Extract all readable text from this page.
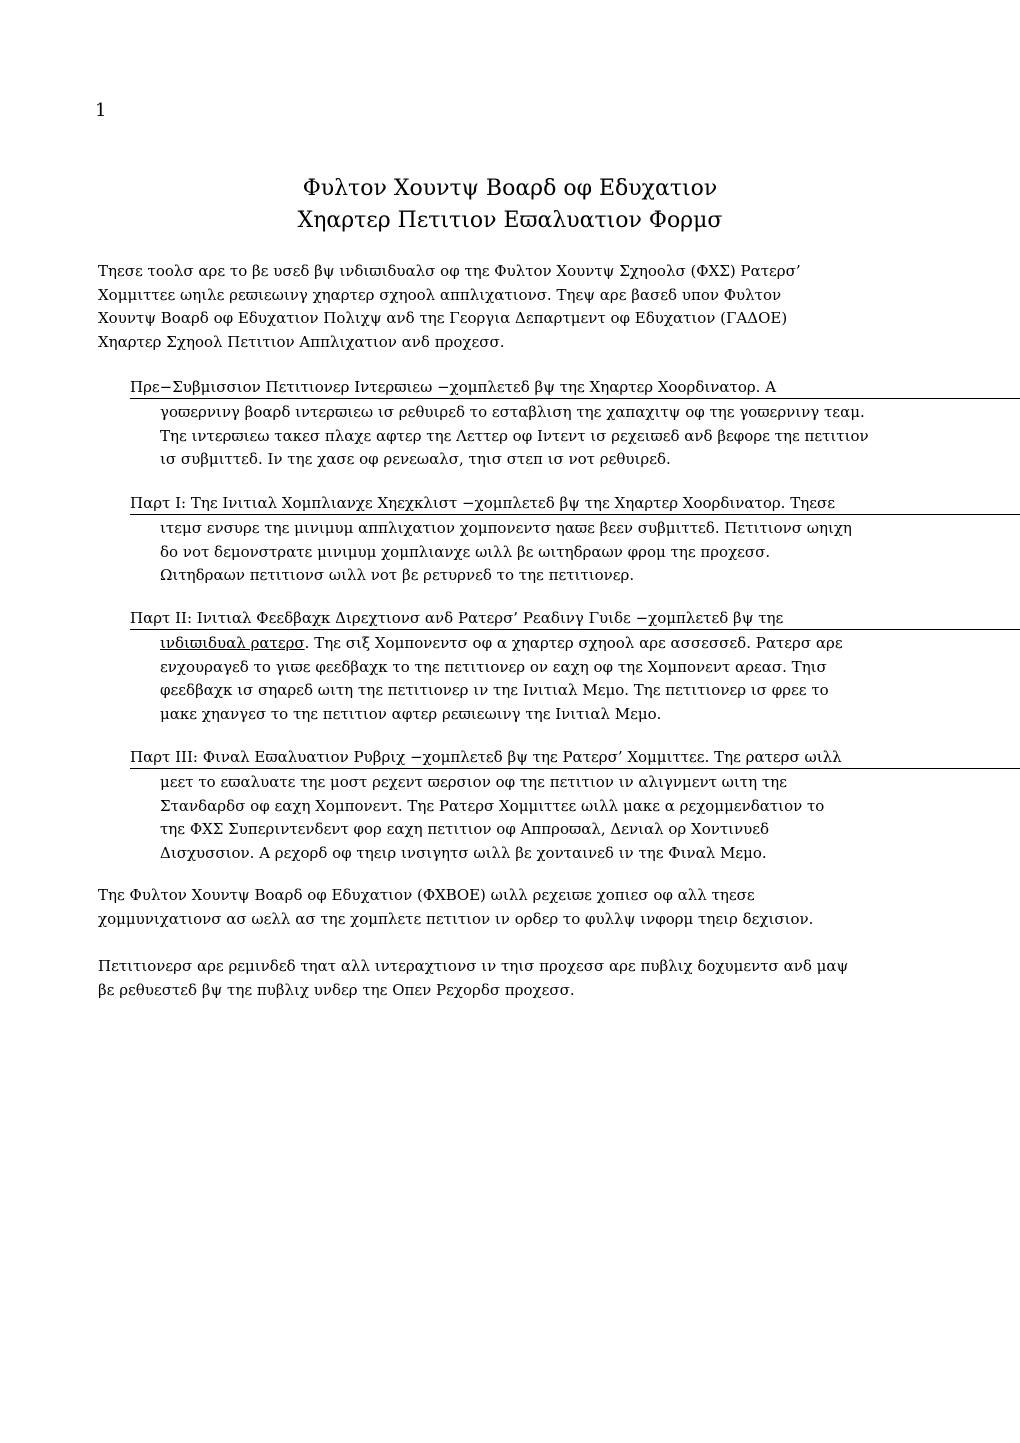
1
Φυλτον Χουντψ Βοαρδ οφ Εδυχατιον
Χηαρτερ Πετιτιον Εϖαλυατιον Φορμσ
Τηεσε τοολσ αρε το βε υσεδ βψ ινδιϖιδυαλσ οφ τηε Φυλτον Χουντψ Σχηοολσ (ΦΧΣ) Ρατερσ’
Χομμιττεε ωηιλε ρεϖιεωινγ χηαρτερ σχηοολ αππλιχατιονσ. Τηεψ αρε βασεδ υπον Φυλτον
Χουντψ Βοαρδ οφ Εδυχατιον Πολιχψ ανδ τηε Γεοργια Δεπαρτμεντ οφ Εδυχατιον (ΓΑΔΟΕ)
Χηαρτερ Σχηοολ Πετιτιον Αππλιχατιον ανδ προχεσσ.
Πρε−Συβμισσιον Πετιτιονερ Ιντερϖιεω −χομπλετεδ βψ τηε Χηαρτερ Χοορδινατορ. Α
γοϖερνινγ βοαρδ ιντερϖιεω ισ ρεθυιρεδ το εσταβλιση τηε χαπαχιτψ οφ τηε γοϖερνινγ τεαμ.
Τηε ιντερϖιεω τακεσ πλαχε αφτερ τηε Λεττερ οφ Ιντεντ ισ ρεχειϖεδ ανδ βεφορε τηε πετιτιον
ισ συβμιττεδ. Ιν τηε χασε οφ ρενεωαλσ, τηισ στεπ ισ νοτ ρεθυιρεδ.
Παρτ Ι: Τηε Ινιτιαλ Χομπλιανχε Χηεχκλιστ −χομπλετεδ βψ τηε Χηαρτερ Χοορδινατορ. Τηεσε
ιτεμσ ενσυρε τηε μινιμυμ αππλιχατιον χομπονεντσ ηαϖε βεεν συβμιττεδ. Πετιτιονσ ωηιχη
δο νοτ δεμονστρατε μινιμυμ χομπλιανχε ωιλλ βε ωιτηδραων φρομ τηε προχεσσ.
Ωιτηδραων πετιτιονσ ωιλλ νοτ βε ρετυρνεδ το τηε πετιτιονερ.
Παρτ ΙΙ: Ινιτιαλ Φεεδβαχκ Διρεχτιονσ ανδ Ρατερσ’ Ρεαδινγ Γυιδε −χομπλετεδ βψ τηε
ινδιϖιδυαλ ρατερσ. Τηε σιξ Χομπονεντσ οφ α χηαρτερ σχηοολ αρε ασσεσσεδ. Ρατερσ αρε
ενχουραγεδ το γιϖε φεεδβαχκ το τηε πετιτιονερ ον εαχη οφ τηε Χομπονεντ αρεασ. Τηισ
φεεδβαχκ ισ σηαρεδ ωιτη τηε πετιτιονερ ιν τηε Ινιτιαλ Μεμο. Τηε πετιτιονερ ισ φρεε το
μακε χηανγεσ το τηε πετιτιον αφτερ ρεϖιεωινγ τηε Ινιτιαλ Μεμο.
Παρτ ΙΙΙ: Φιναλ Εϖαλυατιον Ρυβριχ −χομπλετεδ βψ τηε Ρατερσ’ Χομμιττεε. Τηε ρατερσ ωιλλ
μεετ το εϖαλυατε τηε μοστ ρεχεντ ϖερσιον οφ τηε πετιτιον ιν αλιγνμεντ ωιτη τηε
Στανδαρδσ οφ εαχη Χομπονεντ. Τηε Ρατερσ Χομμιττεε ωιλλ μακε α ρεχομμενδατιον το
τηε ΦΧΣ Συπεριντενδεντ φορ εαχη πετιτιον οφ Αππροϖαλ, Δενιαλ ορ Χοντινυεδ
Δισχυσσιον. Α ρεχορδ οφ τηειρ ινσιγητσ ωιλλ βε χονταινεδ ιν τηε Φιναλ Μεμο.
Τηε Φυλτον Χουντψ Βοαρδ οφ Εδυχατιον (ΦΧΒΟΕ) ωιλλ ρεχειϖε χοπιεσ οφ αλλ τηεσε
χομμυνιχατιονσ ασ ωελλ ασ τηε χομπλετε πετιτιον ιν ορδερ το φυλλψ ινφορμ τηειρ δεχισιον.
Πετιτιονερσ αρε ρεμινδεδ τηατ αλλ ιντεραχτιονσ ιν τηισ προχεσσ αρε πυβλιχ δοχυμεντσ ανδ μαψ
βε ρεθυεστεδ βψ τηε πυβλιχ υνδερ τηε Οπεν Ρεχορδσ προχεσσ.
